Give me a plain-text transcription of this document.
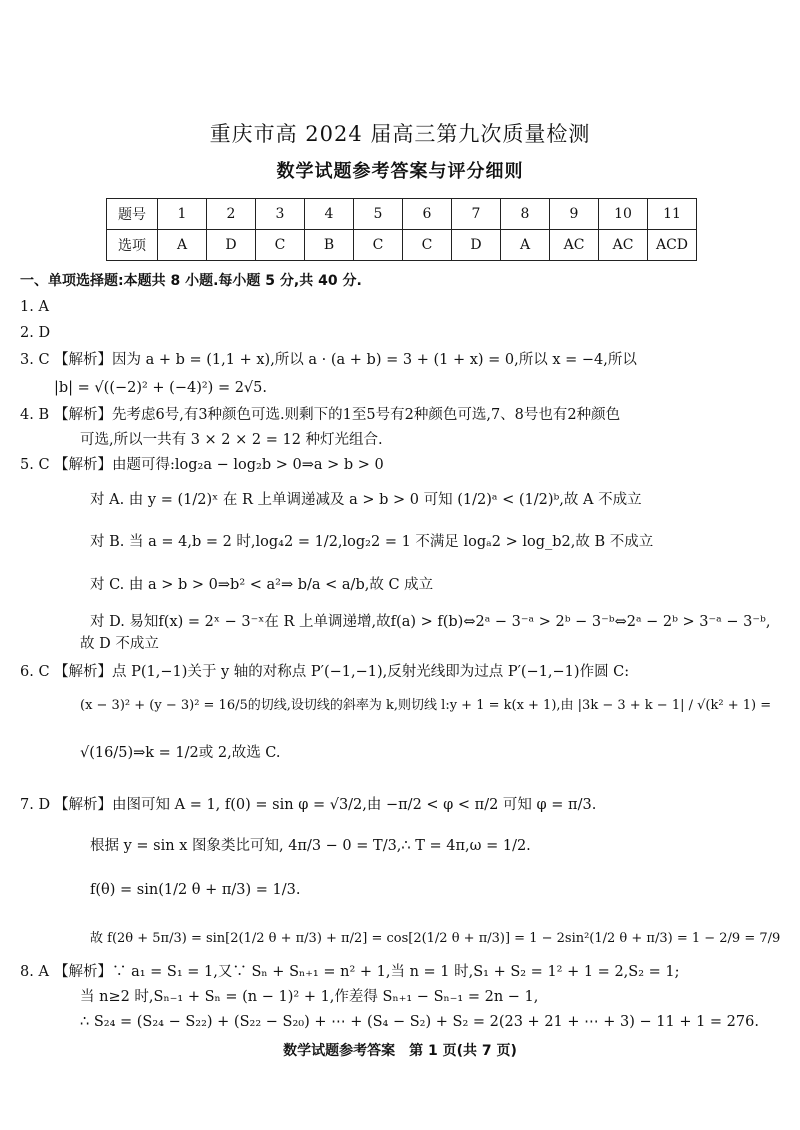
重庆市高 2024 届高三第九次质量检测
数学试题参考答案与评分细则
题号	1	2	3	4	5	6	7	8	9	10	11
选项	A	D	C	B	C	C	D	A	AC	AC	ACD
一、单项选择题:本题共 8 小题.每小题 5 分,共 40 分.
1. A
2. D
3. C 【解析】因为 a + b = (1,1 + x),所以 a · (a + b) = 3 + (1 + x) = 0,所以 x = −4,所以
|b| = √((−2)² + (−4)²) = 2√5.
4. B 【解析】先考虑6号,有3种颜色可选.则剩下的1至5号有2种颜色可选,7、8号也有2种颜色
可选,所以一共有 3 × 2 × 2 = 12 种灯光组合.
5. C 【解析】由题可得:log₂a − log₂b > 0⇒a > b > 0
对 A. 由 y = (1/2)ˣ 在 R 上单调递减及 a > b > 0 可知 (1/2)ᵃ < (1/2)ᵇ,故 A 不成立
对 B. 当 a = 4,b = 2 时,log₄2 = 1/2,log₂2 = 1 不满足 logₐ2 > log_b2,故 B 不成立
对 C. 由 a > b > 0⇒b² < a²⇒ b/a < a/b,故 C 成立
对 D. 易知f(x) = 2ˣ − 3⁻ˣ在 R 上单调递增,故f(a) > f(b)⇔2ᵃ − 3⁻ᵃ > 2ᵇ − 3⁻ᵇ⇔2ᵃ − 2ᵇ > 3⁻ᵃ − 3⁻ᵇ,
故 D 不成立
6. C 【解析】点 P(1,−1)关于 y 轴的对称点 P′(−1,−1),反射光线即为过点 P′(−1,−1)作圆 C:
(x − 3)² + (y − 3)² = 16/5的切线,设切线的斜率为 k,则切线 l:y + 1 = k(x + 1),由 |3k − 3 + k − 1| / √(k² + 1) =
√(16/5)⇒k = 1/2或 2,故选 C.
7. D 【解析】由图可知 A = 1, f(0) = sin φ = √3/2,由 −π/2 < φ < π/2 可知 φ = π/3.
根据 y = sin x 图象类比可知, 4π/3 − 0 = T/3,∴ T = 4π,ω = 1/2.
f(θ) = sin(1/2 θ + π/3) = 1/3.
故 f(2θ + 5π/3) = sin[2(1/2 θ + π/3) + π/2] = cos[2(1/2 θ + π/3)] = 1 − 2sin²(1/2 θ + π/3) = 1 − 2/9 = 7/9
8. A 【解析】∵ a₁ = S₁ = 1,又∵ Sₙ + Sₙ₊₁ = n² + 1,当 n = 1 时,S₁ + S₂ = 1² + 1 = 2,S₂ = 1;
当 n≥2 时,Sₙ₋₁ + Sₙ = (n − 1)² + 1,作差得 Sₙ₊₁ − Sₙ₋₁ = 2n − 1,
∴ S₂₄ = (S₂₄ − S₂₂) + (S₂₂ − S₂₀) + ⋯ + (S₄ − S₂) + S₂ = 2(23 + 21 + ⋯ + 3) − 11 + 1 = 276.
数学试题参考答案　第 1 页(共 7 页)
